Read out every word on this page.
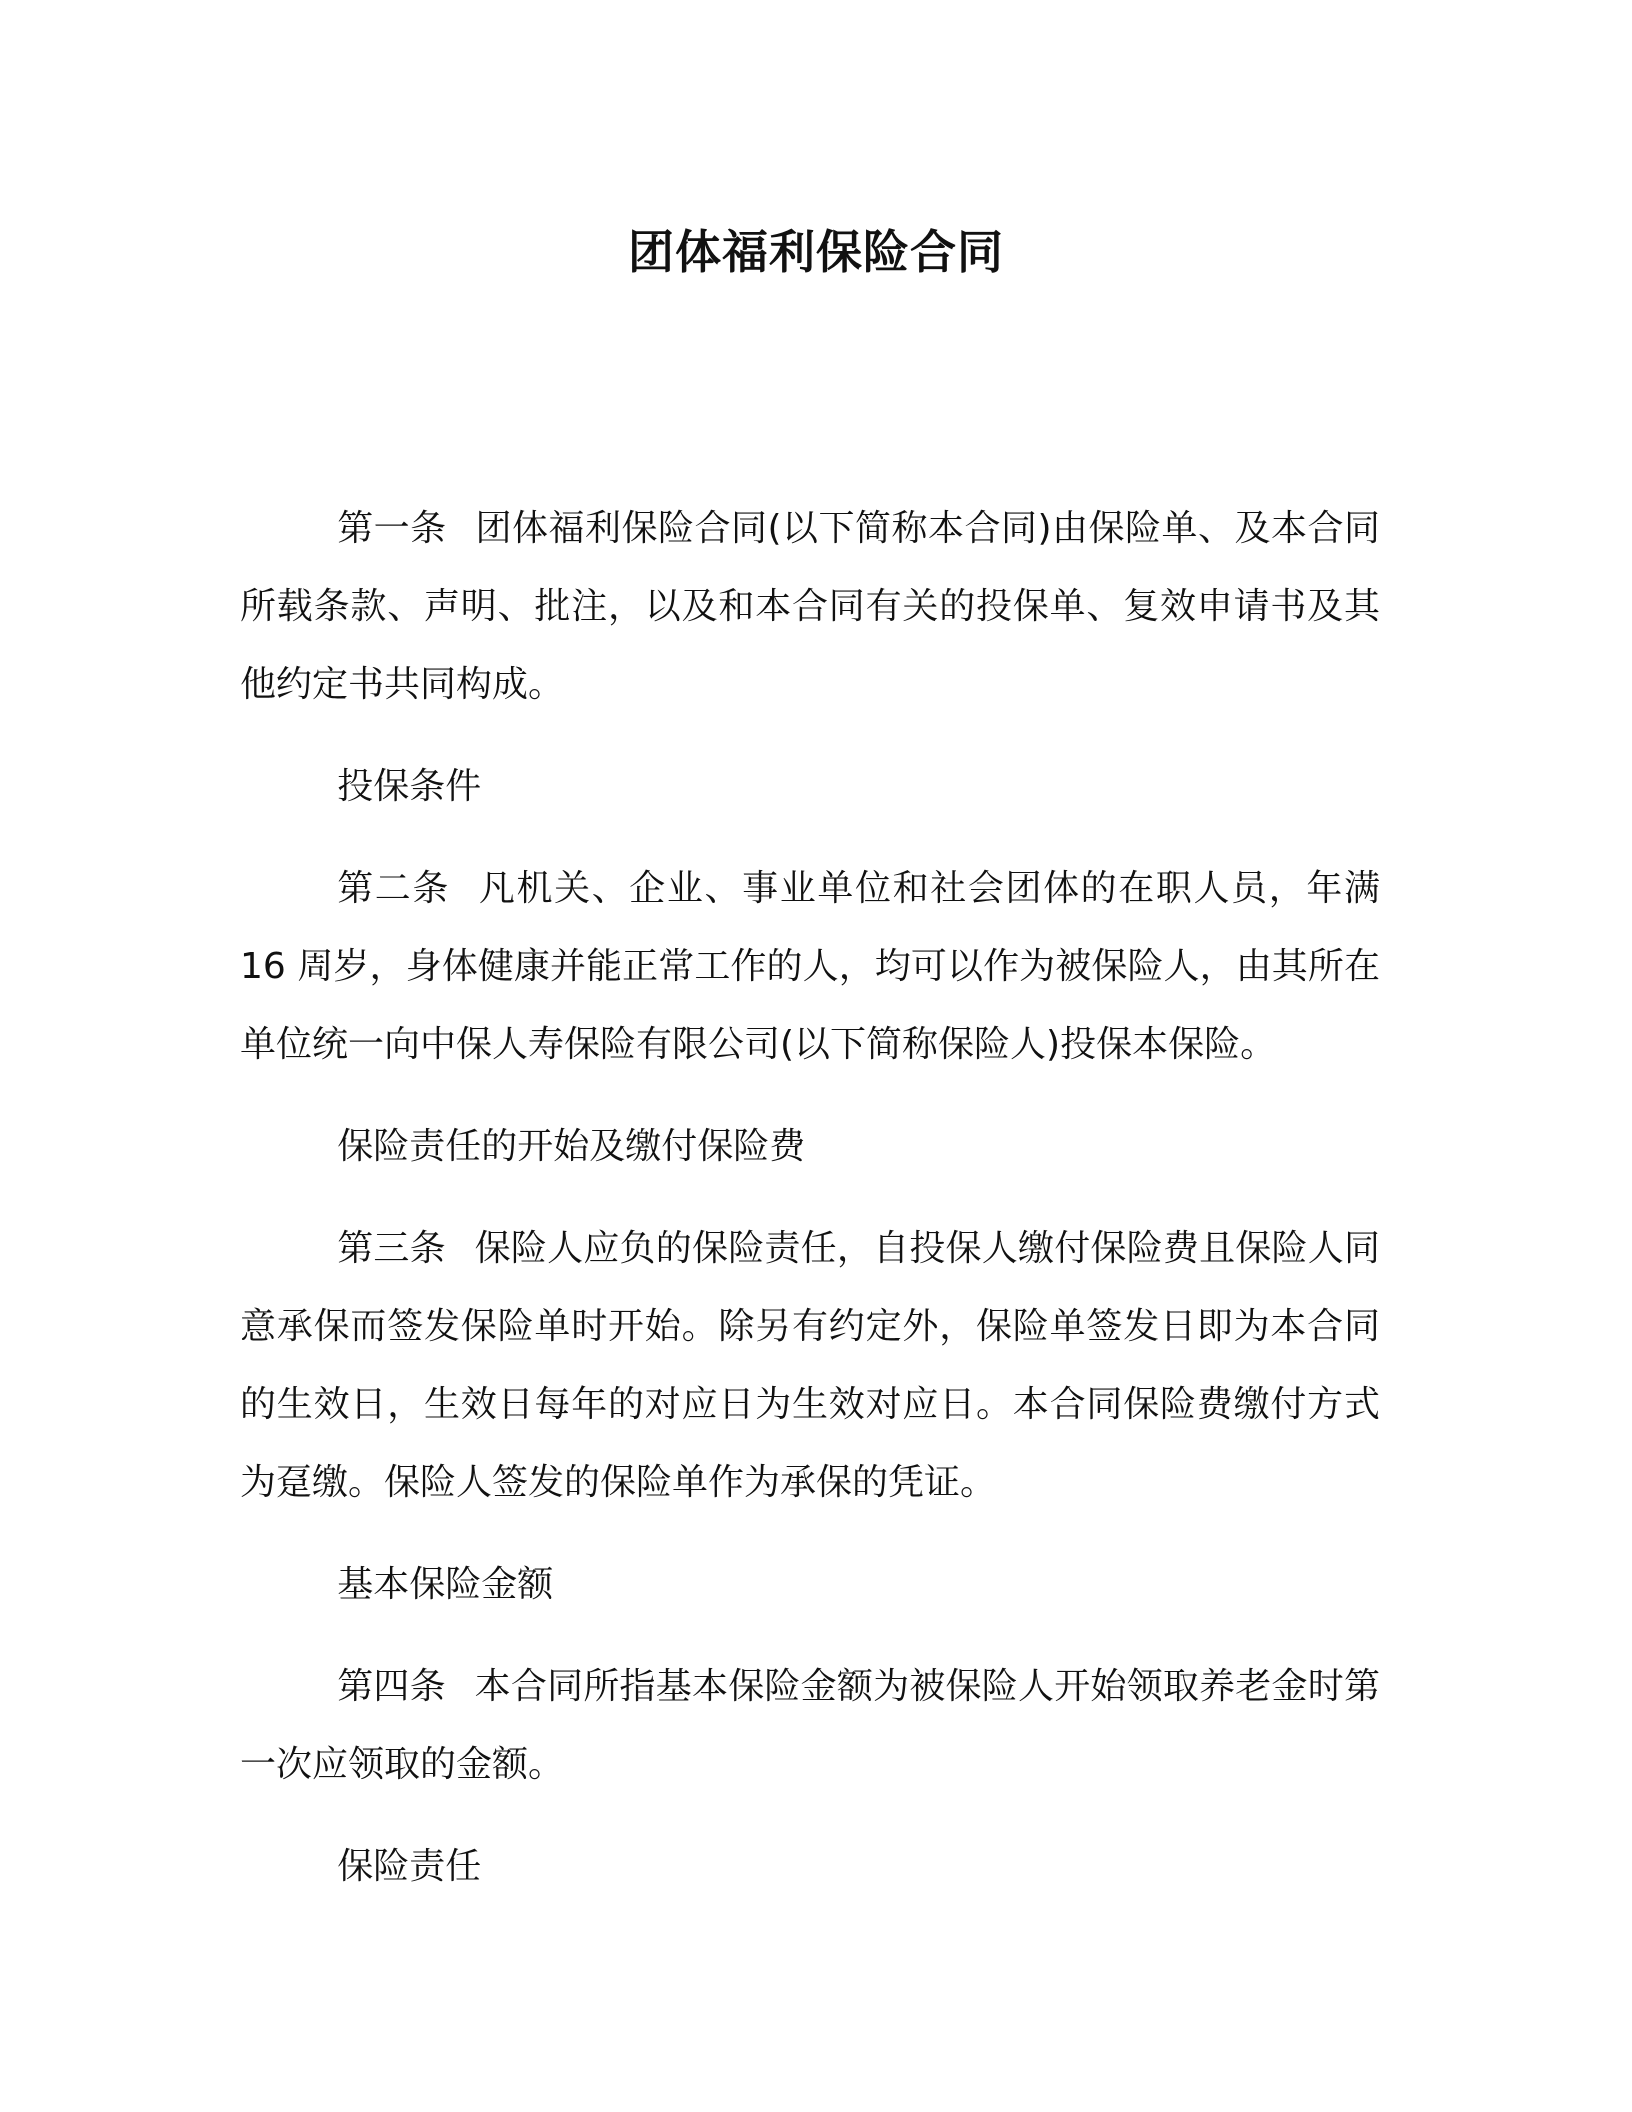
团体福利保险合同

第一条 团体福利保险合同(以下简称本合同)由保险单、及本合同所载条款、声明、批注，以及和本合同有关的投保单、复效申请书及其他约定书共同构成。

投保条件

第二条 凡机关、企业、事业单位和社会团体的在职人员，年满16 周岁，身体健康并能正常工作的人，均可以作为被保险人，由其所在单位统一向中保人寿保险有限公司(以下简称保险人)投保本保险。

保险责任的开始及缴付保险费

第三条 保险人应负的保险责任，自投保人缴付保险费且保险人同意承保而签发保险单时开始。除另有约定外，保险单签发日即为本合同的生效日，生效日每年的对应日为生效对应日。本合同保险费缴付方式为趸缴。保险人签发的保险单作为承保的凭证。

基本保险金额

第四条 本合同所指基本保险金额为被保险人开始领取养老金时第一次应领取的金额。

保险责任
